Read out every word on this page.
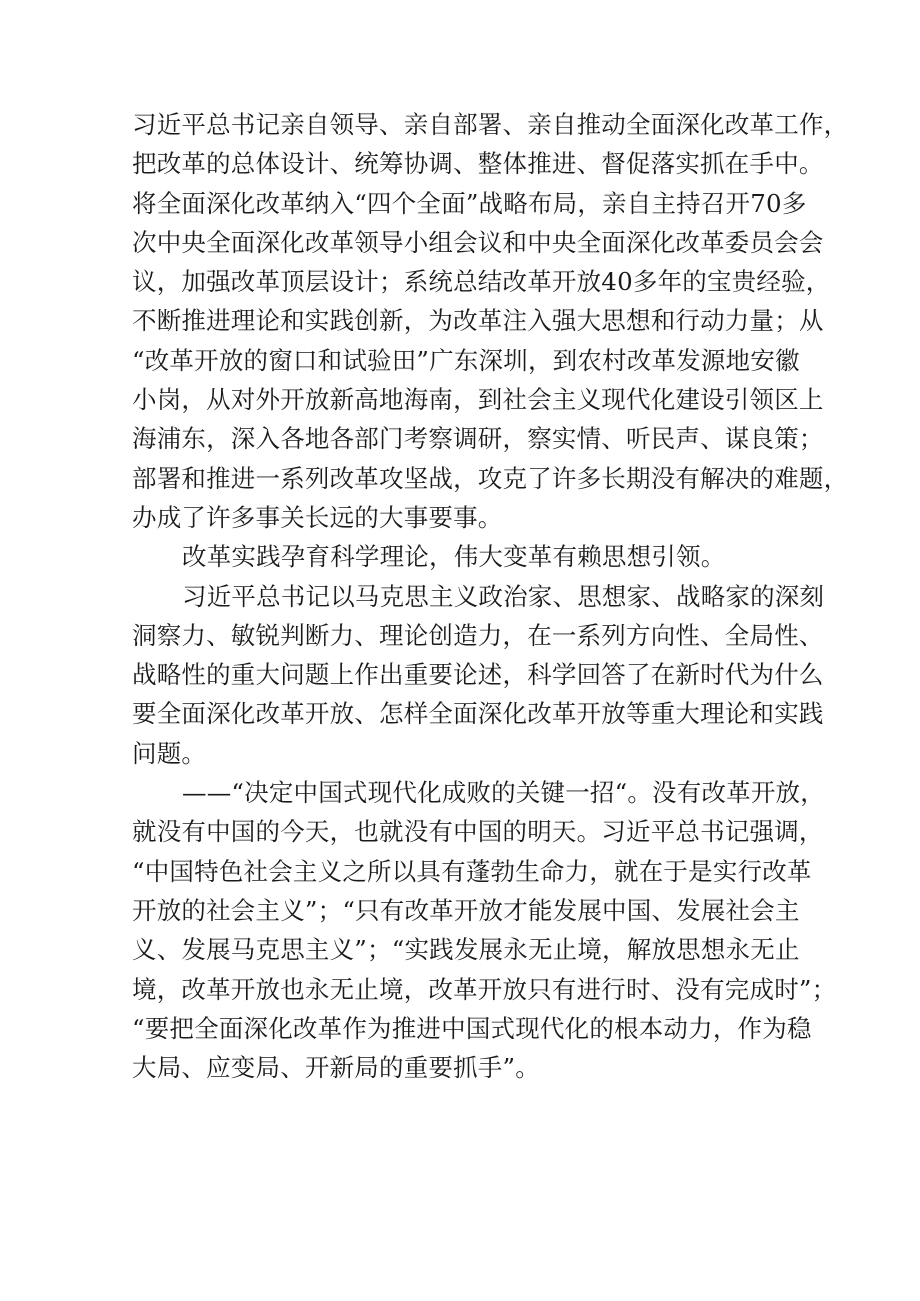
习近平总书记亲自领导、亲自部署、亲自推动全面深化改革工作，
把改革的总体设计、统筹协调、整体推进、督促落实抓在手中。
将全面深化改革纳入“四个全面”战略布局，亲自主持召开70多
次中央全面深化改革领导小组会议和中央全面深化改革委员会会
议，加强改革顶层设计；系统总结改革开放40多年的宝贵经验，
不断推进理论和实践创新，为改革注入强大思想和行动力量；从
“改革开放的窗口和试验田”广东深圳，到农村改革发源地安徽
小岗，从对外开放新高地海南，到社会主义现代化建设引领区上
海浦东，深入各地各部门考察调研，察实情、听民声、谋良策；
部署和推进一系列改革攻坚战，攻克了许多长期没有解决的难题，
办成了许多事关长远的大事要事。

改革实践孕育科学理论，伟大变革有赖思想引领。

习近平总书记以马克思主义政治家、思想家、战略家的深刻
洞察力、敏锐判断力、理论创造力，在一系列方向性、全局性、
战略性的重大问题上作出重要论述，科学回答了在新时代为什么
要全面深化改革开放、怎样全面深化改革开放等重大理论和实践
问题。

——“决定中国式现代化成败的关键一招“。没有改革开放，
就没有中国的今天，也就没有中国的明天。习近平总书记强调，
“中国特色社会主义之所以具有蓬勃生命力，就在于是实行改革
开放的社会主义”；“只有改革开放才能发展中国、发展社会主
义、发展马克思主义”；“实践发展永无止境，解放思想永无止
境，改革开放也永无止境，改革开放只有进行时、没有完成时”；
“要把全面深化改革作为推进中国式现代化的根本动力，作为稳
大局、应变局、开新局的重要抓手”。
